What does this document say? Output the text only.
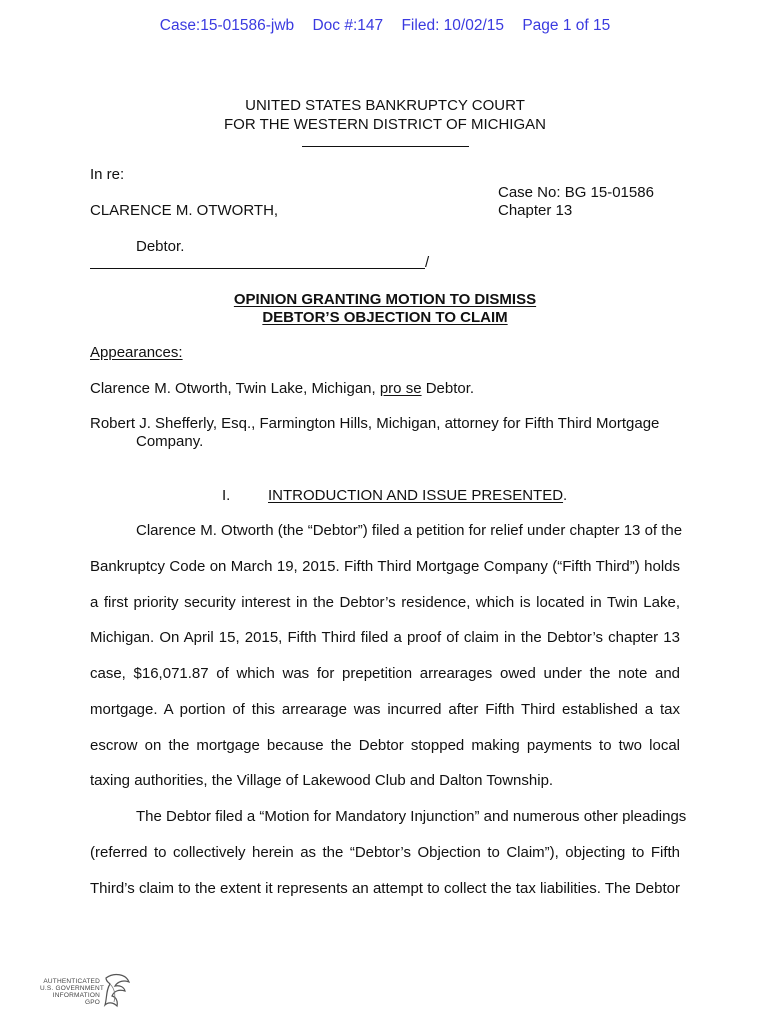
Case:15-01586-jwb Doc #:147 Filed: 10/02/15 Page 1 of 15
UNITED STATES BANKRUPTCY COURT
FOR THE WESTERN DISTRICT OF MICHIGAN
In re:
CLARENCE M. OTWORTH,
Debtor.
/
Case No: BG 15-01586
Chapter 13
OPINION GRANTING MOTION TO DISMISS
DEBTOR’S OBJECTION TO CLAIM
Appearances:
Clarence M. Otworth, Twin Lake, Michigan, pro se Debtor.
Robert J. Shefferly, Esq., Farmington Hills, Michigan, attorney for Fifth Third Mortgage
Company.
I.	INTRODUCTION AND ISSUE PRESENTED.
Clarence M. Otworth (the “Debtor”) filed a petition for relief under chapter 13 of the
Bankruptcy Code on March 19, 2015. Fifth Third Mortgage Company (“Fifth Third”) holds
a first priority security interest in the Debtor’s residence, which is located in Twin Lake,
Michigan. On April 15, 2015, Fifth Third filed a proof of claim in the Debtor’s chapter 13
case, $16,071.87 of which was for prepetition arrearages owed under the note and
mortgage. A portion of this arrearage was incurred after Fifth Third established a tax
escrow on the mortgage because the Debtor stopped making payments to two local
taxing authorities, the Village of Lakewood Club and Dalton Township.
The Debtor filed a “Motion for Mandatory Injunction” and numerous other pleadings
(referred to collectively herein as the “Debtor’s Objection to Claim”), objecting to Fifth
Third’s claim to the extent it represents an attempt to collect the tax liabilities. The Debtor
AUTHENTICATED
U.S. GOVERNMENT
INFORMATION
GPO
